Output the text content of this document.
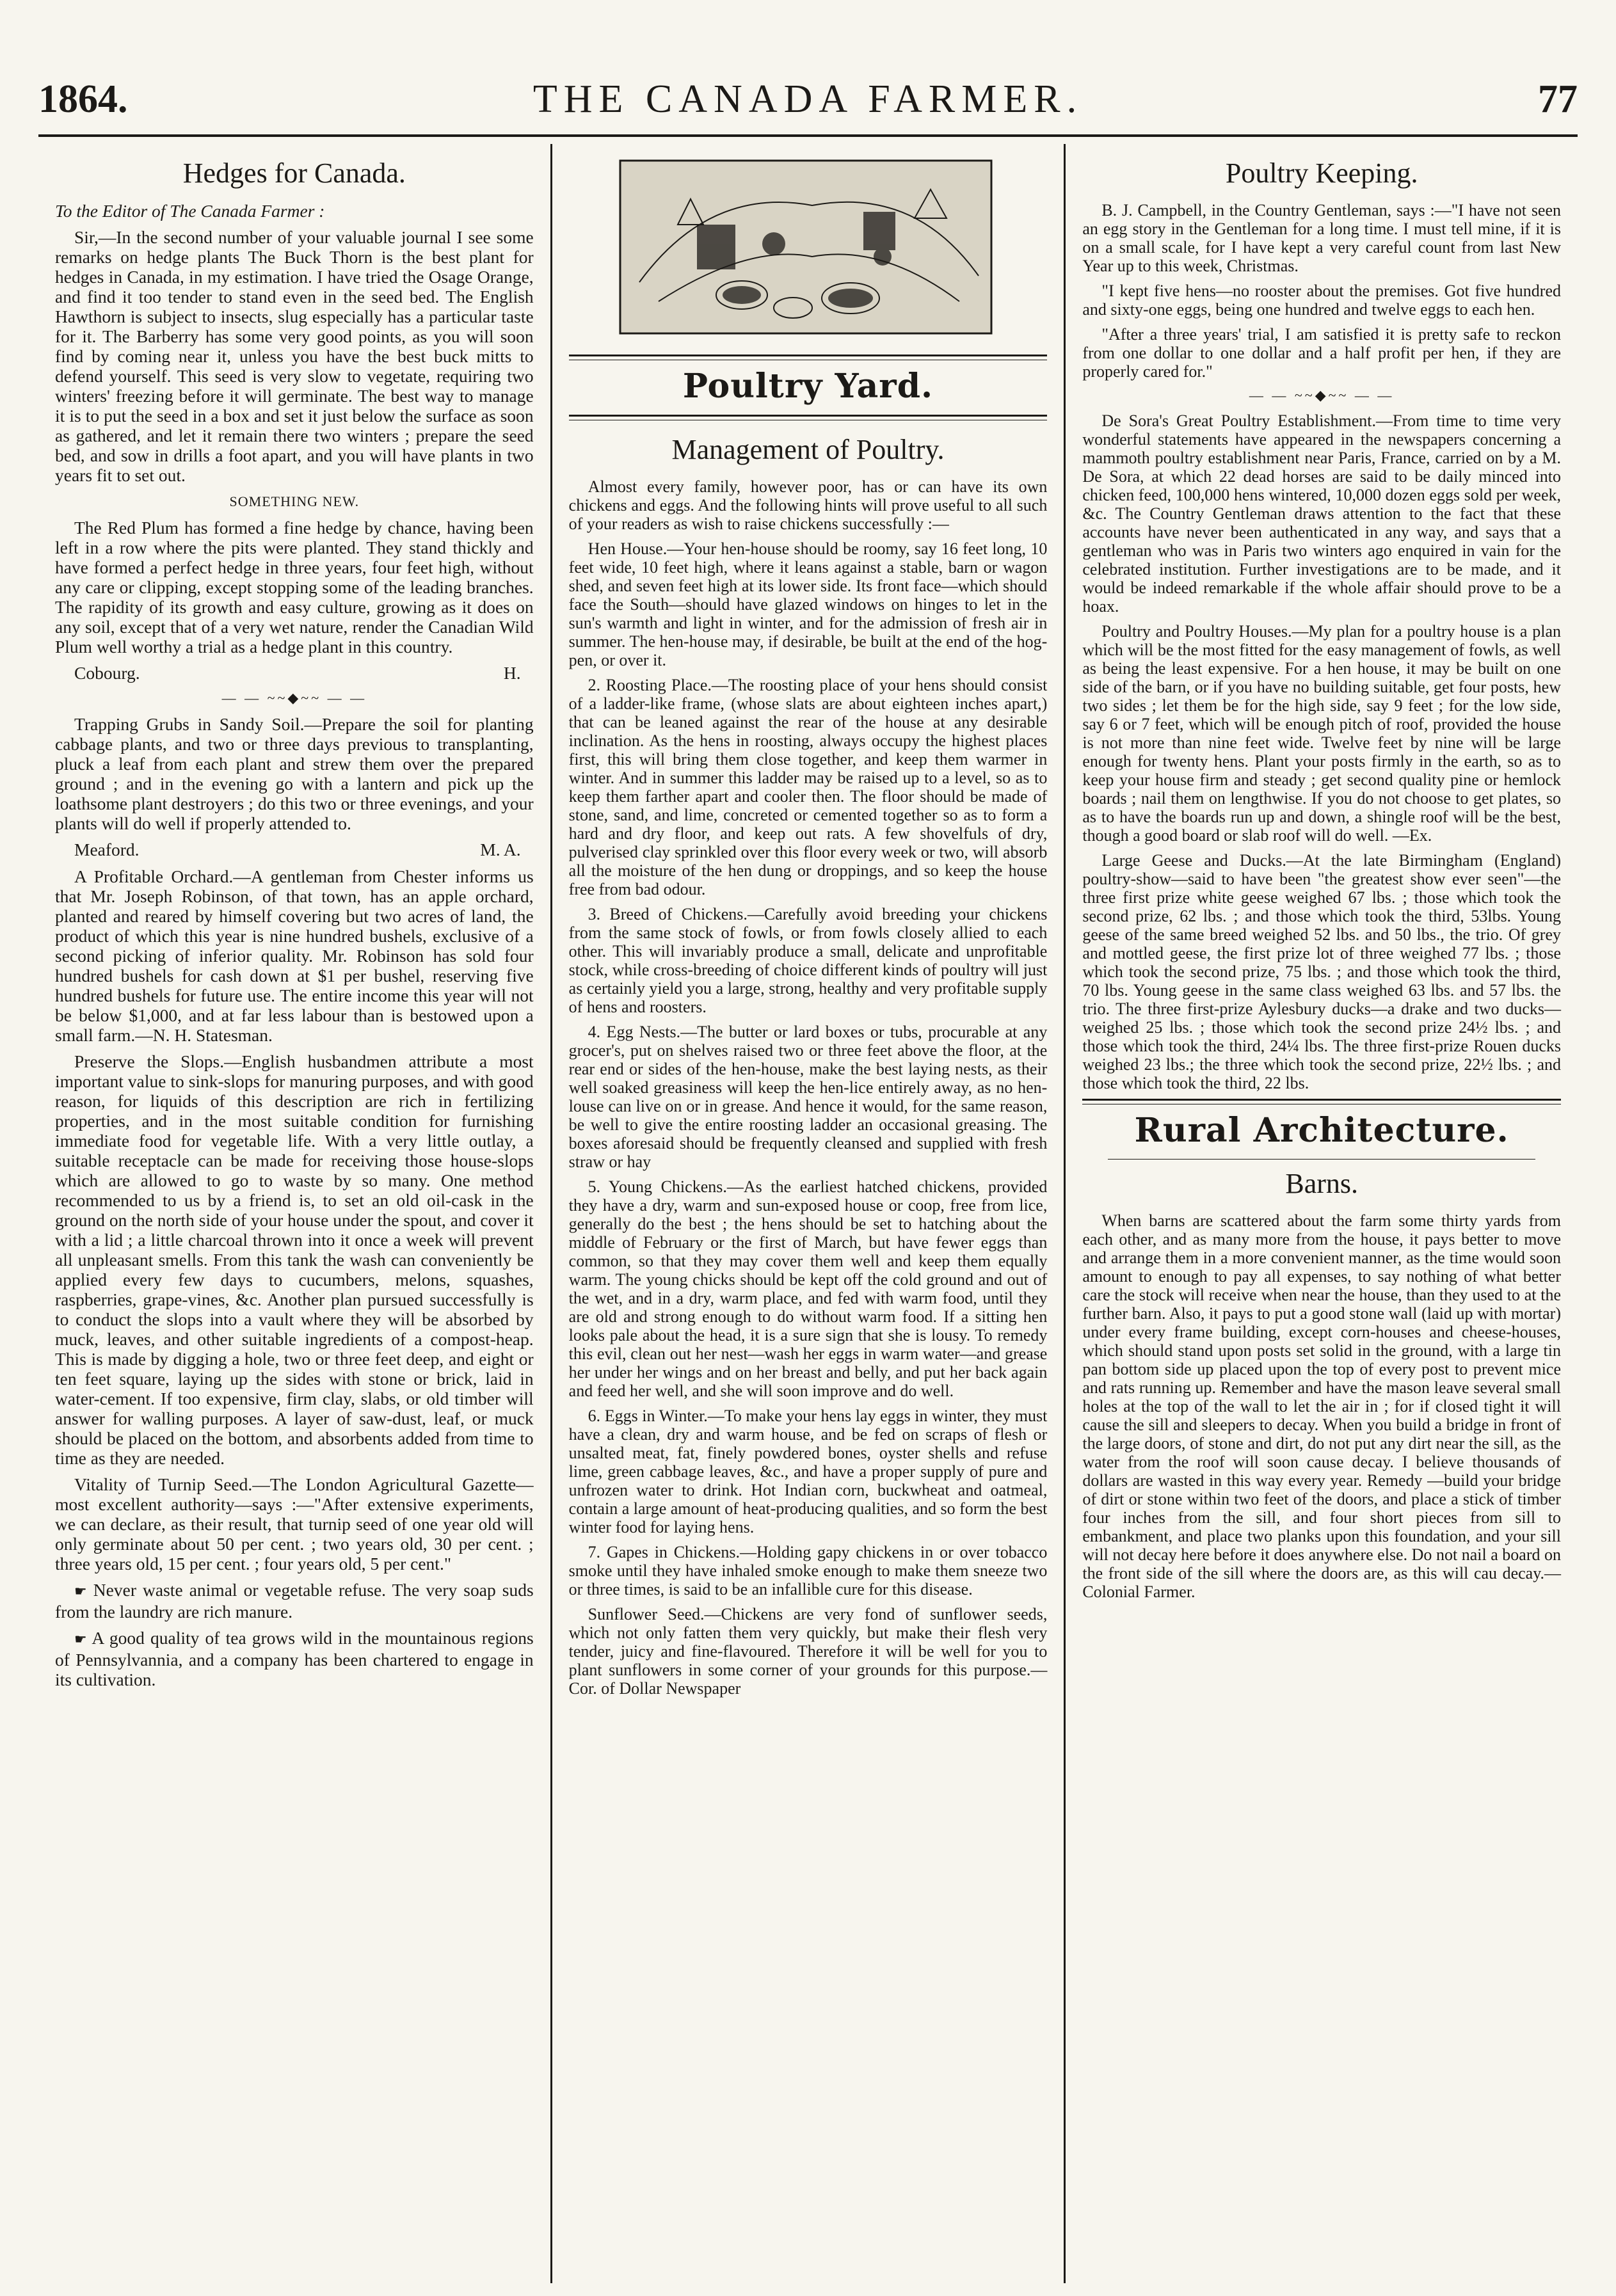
1864.	THE CANADA FARMER.	77
Hedges for Canada.

To the Editor of The Canada Farmer :

Sir,—In the second number of your valuable journal I see some remarks on hedge plants The Buck Thorn is the best plant for hedges in Canada, in my estimation. I have tried the Osage Orange, and find it too tender to stand even in the seed bed. The English Hawthorn is subject to insects, slug especially has a particular taste for it. The Barberry has some very good points, as you will soon find by coming near it, unless you have the best buck mitts to defend yourself. This seed is very slow to vegetate, requiring two winters' freezing before it will germinate. The best way to manage it is to put the seed in a box and set it just below the surface as soon as gathered, and let it remain there two winters ; prepare the seed bed, and sow in drills a foot apart, and you will have plants in two years fit to set out.

SOMETHING NEW.

The Red Plum has formed a fine hedge by chance, having been left in a row where the pits were planted. They stand thickly and have formed a perfect hedge in three years, four feet high, without any care or clipping, except stopping some of the leading branches. The rapidity of its growth and easy culture, growing as it does on any soil, except that of a very wet nature, render the Canadian Wild Plum well worthy a trial as a hedge plant in this country.

Cobourg.	H.
— — ~~◆~~ — —

Trapping Grubs in Sandy Soil.—Prepare the soil for planting cabbage plants, and two or three days previous to transplanting, pluck a leaf from each plant and strew them over the prepared ground ; and in the evening go with a lantern and pick up the loathsome plant destroyers ; do this two or three evenings, and your plants will do well if properly attended to.

Meaford.	M. A.

A Profitable Orchard.—A gentleman from Chester informs us that Mr. Joseph Robinson, of that town, has an apple orchard, planted and reared by himself covering but two acres of land, the product of which this year is nine hundred bushels, exclusive of a second picking of inferior quality. Mr. Robinson has sold four hundred bushels for cash down at $1 per bushel, reserving five hundred bushels for future use. The entire income this year will not be below $1,000, and at far less labour than is bestowed upon a small farm.—N. H. Statesman.

Preserve the Slops.—English husbandmen attribute a most important value to sink-slops for manuring purposes, and with good reason, for liquids of this description are rich in fertilizing properties, and in the most suitable condition for furnishing immediate food for vegetable life. With a very little outlay, a suitable receptacle can be made for receiving those house-slops which are allowed to go to waste by so many. One method recommended to us by a friend is, to set an old oil-cask in the ground on the north side of your house under the spout, and cover it with a lid ; a little charcoal thrown into it once a week will prevent all unpleasant smells. From this tank the wash can conveniently be applied every few days to cucumbers, melons, squashes, raspberries, grape-vines, &c. Another plan pursued successfully is to conduct the slops into a vault where they will be absorbed by muck, leaves, and other suitable ingredients of a compost-heap. This is made by digging a hole, two or three feet deep, and eight or ten feet square, laying up the sides with stone or brick, laid in water-cement. If too expensive, firm clay, slabs, or old timber will answer for walling purposes. A layer of saw-dust, leaf, or muck should be placed on the bottom, and absorbents added from time to time as they are needed.

Vitality of Turnip Seed.—The London Agricultural Gazette—most excellent authority—says :—"After extensive experiments, we can declare, as their result, that turnip seed of one year old will only germinate about 50 per cent. ; two years old, 30 per cent. ; three years old, 15 per cent. ; four years old, 5 per cent."

☛ Never waste animal or vegetable refuse. The very soap suds from the laundry are rich manure.

☛ A good quality of tea grows wild in the mountainous regions of Pennsylvannia, and a company has been chartered to engage in its cultivation.

Poultry Yard.
Management of Poultry.

Almost every family, however poor, has or can have its own chickens and eggs. And the following hints will prove useful to all such of your readers as wish to raise chickens successfully :—

Hen House.—Your hen-house should be roomy, say 16 feet long, 10 feet wide, 10 feet high, where it leans against a stable, barn or wagon shed, and seven feet high at its lower side. Its front face—which should face the South—should have glazed windows on hinges to let in the sun's warmth and light in winter, and for the admission of fresh air in summer. The hen-house may, if desirable, be built at the end of the hog-pen, or over it.

2. Roosting Place.—The roosting place of your hens should consist of a ladder-like frame, (whose slats are about eighteen inches apart,) that can be leaned against the rear of the house at any desirable inclination. As the hens in roosting, always occupy the highest places first, this will bring them close together, and keep them warmer in winter. And in summer this ladder may be raised up to a level, so as to keep them farther apart and cooler then. The floor should be made of stone, sand, and lime, concreted or cemented together so as to form a hard and dry floor, and keep out rats. A few shovelfuls of dry, pulverised clay sprinkled over this floor every week or two, will absorb all the moisture of the hen dung or droppings, and so keep the house free from bad odour.

3. Breed of Chickens.—Carefully avoid breeding your chickens from the same stock of fowls, or from fowls closely allied to each other. This will invariably produce a small, delicate and unprofitable stock, while cross-breeding of choice different kinds of poultry will just as certainly yield you a large, strong, healthy and very profitable supply of hens and roosters.

4. Egg Nests.—The butter or lard boxes or tubs, procurable at any grocer's, put on shelves raised two or three feet above the floor, at the rear end or sides of the hen-house, make the best laying nests, as their well soaked greasiness will keep the hen-lice entirely away, as no hen-louse can live on or in grease. And hence it would, for the same reason, be well to give the entire roosting ladder an occasional greasing. The boxes aforesaid should be frequently cleansed and supplied with fresh straw or hay

5. Young Chickens.—As the earliest hatched chickens, provided they have a dry, warm and sun-exposed house or coop, free from lice, generally do the best ; the hens should be set to hatching about the middle of February or the first of March, but have fewer eggs than common, so that they may cover them well and keep them equally warm. The young chicks should be kept off the cold ground and out of the wet, and in a dry, warm place, and fed with warm food, until they are old and strong enough to do without warm food. If a sitting hen looks pale about the head, it is a sure sign that she is lousy. To remedy this evil, clean out her nest—wash her eggs in warm water—and grease her under her wings and on her breast and belly, and put her back again and feed her well, and she will soon improve and do well.

6. Eggs in Winter.—To make your hens lay eggs in winter, they must have a clean, dry and warm house, and be fed on scraps of flesh or unsalted meat, fat, finely powdered bones, oyster shells and refuse lime, green cabbage leaves, &c., and have a proper supply of pure and unfrozen water to drink. Hot Indian corn, buckwheat and oatmeal, contain a large amount of heat-producing qualities, and so form the best winter food for laying hens.

7. Gapes in Chickens.—Holding gapy chickens in or over tobacco smoke until they have inhaled smoke enough to make them sneeze two or three times, is said to be an infallible cure for this disease.

Sunflower Seed.—Chickens are very fond of sunflower seeds, which not only fatten them very quickly, but make their flesh very tender, juicy and fine-flavoured. Therefore it will be well for you to plant sunflowers in some corner of your grounds for this purpose.—Cor. of Dollar Newspaper

Poultry Keeping.

B. J. Campbell, in the Country Gentleman, says :—"I have not seen an egg story in the Gentleman for a long time. I must tell mine, if it is on a small scale, for I have kept a very careful count from last New Year up to this week, Christmas.

"I kept five hens—no rooster about the premises. Got five hundred and sixty-one eggs, being one hundred and twelve eggs to each hen.

"After a three years' trial, I am satisfied it is pretty safe to reckon from one dollar to one dollar and a half profit per hen, if they are properly cared for."

— — ~~◆~~ — —

De Sora's Great Poultry Establishment.—From time to time very wonderful statements have appeared in the newspapers concerning a mammoth poultry establishment near Paris, France, carried on by a M. De Sora, at which 22 dead horses are said to be daily minced into chicken feed, 100,000 hens wintered, 10,000 dozen eggs sold per week, &c. The Country Gentleman draws attention to the fact that these accounts have never been authenticated in any way, and says that a gentleman who was in Paris two winters ago enquired in vain for the celebrated institution. Further investigations are to be made, and it would be indeed remarkable if the whole affair should prove to be a hoax.

Poultry and Poultry Houses.—My plan for a poultry house is a plan which will be the most fitted for the easy management of fowls, as well as being the least expensive. For a hen house, it may be built on one side of the barn, or if you have no building suitable, get four posts, hew two sides ; let them be for the high side, say 9 feet ; for the low side, say 6 or 7 feet, which will be enough pitch of roof, provided the house is not more than nine feet wide. Twelve feet by nine will be large enough for twenty hens. Plant your posts firmly in the earth, so as to keep your house firm and steady ; get second quality pine or hemlock boards ; nail them on lengthwise. If you do not choose to get plates, so as to have the boards run up and down, a shingle roof will be the best, though a good board or slab roof will do well. —Ex.

Large Geese and Ducks.—At the late Birmingham (England) poultry-show—said to have been "the greatest show ever seen"—the three first prize white geese weighed 67 lbs. ; those which took the second prize, 62 lbs. ; and those which took the third, 53lbs. Young geese of the same breed weighed 52 lbs. and 50 lbs., the trio. Of grey and mottled geese, the first prize lot of three weighed 77 lbs. ; those which took the second prize, 75 lbs. ; and those which took the third, 70 lbs. Young geese in the same class weighed 63 lbs. and 57 lbs. the trio. The three first-prize Aylesbury ducks—a drake and two ducks—weighed 25 lbs. ; those which took the second prize 24½ lbs. ; and those which took the third, 24¼ lbs. The three first-prize Rouen ducks weighed 23 lbs.; the three which took the second prize, 22½ lbs. ; and those which took the third, 22 lbs.

Rural Architecture.
Barns.

When barns are scattered about the farm some thirty yards from each other, and as many more from the house, it pays better to move and arrange them in a more convenient manner, as the time would soon amount to enough to pay all expenses, to say nothing of what better care the stock will receive when near the house, than they used to at the further barn. Also, it pays to put a good stone wall (laid up with mortar) under every frame building, except corn-houses and cheese-houses, which should stand upon posts set solid in the ground, with a large tin pan bottom side up placed upon the top of every post to prevent mice and rats running up. Remember and have the mason leave several small holes at the top of the wall to let the air in ; for if closed tight it will cause the sill and sleepers to decay. When you build a bridge in front of the large doors, of stone and dirt, do not put any dirt near the sill, as the water from the roof will soon cause decay. I believe thousands of dollars are wasted in this way every year. Remedy —build your bridge of dirt or stone within two feet of the doors, and place a stick of timber four inches from the sill, and four short pieces from sill to embankment, and place two planks upon this foundation, and your sill will not decay here before it does anywhere else. Do not nail a board on the front side of the sill where the doors are, as this will cau decay.—Colonial Farmer.
